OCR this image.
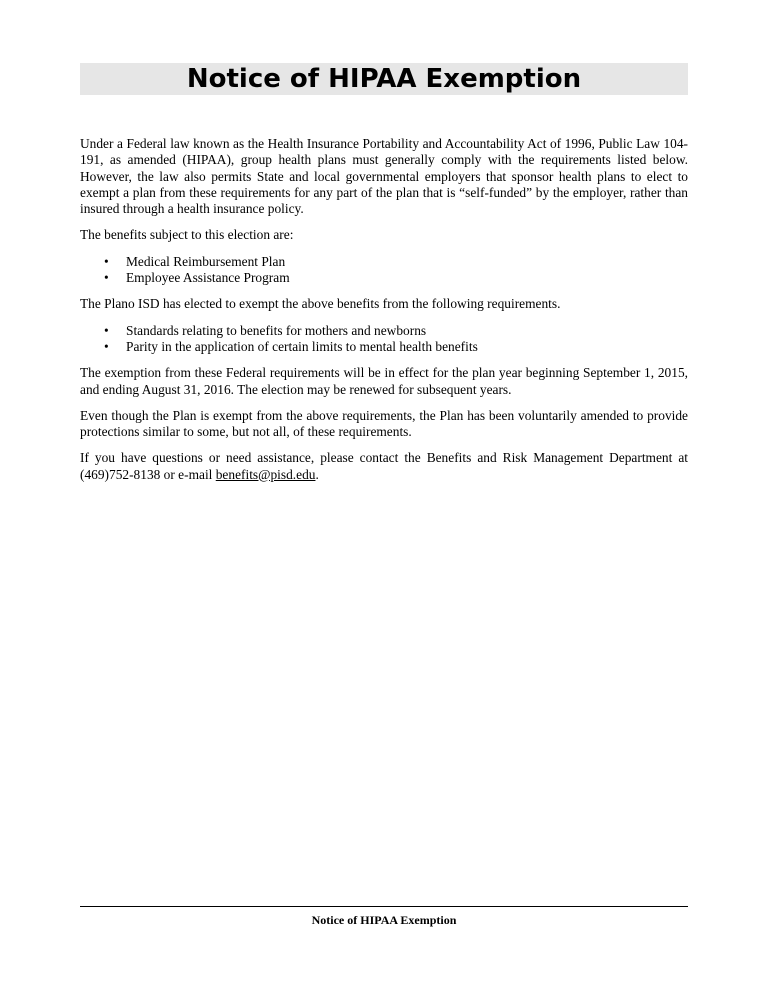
Notice of HIPAA Exemption

Under a Federal law known as the Health Insurance Portability and Accountability Act of 1996, Public Law 104-191, as amended (HIPAA), group health plans must generally comply with the requirements listed below. However, the law also permits State and local governmental employers that sponsor health plans to elect to exempt a plan from these requirements for any part of the plan that is “self-funded” by the employer, rather than insured through a health insurance policy.

The benefits subject to this election are:

• Medical Reimbursement Plan
• Employee Assistance Program

The Plano ISD has elected to exempt the above benefits from the following requirements.

• Standards relating to benefits for mothers and newborns
• Parity in the application of certain limits to mental health benefits

The exemption from these Federal requirements will be in effect for the plan year beginning September 1, 2015, and ending August 31, 2016. The election may be renewed for subsequent years.

Even though the Plan is exempt from the above requirements, the Plan has been voluntarily amended to provide protections similar to some, but not all, of these requirements.

If you have questions or need assistance, please contact the Benefits and Risk Management Department at (469)752-8138 or e-mail benefits@pisd.edu.

Notice of HIPAA Exemption
